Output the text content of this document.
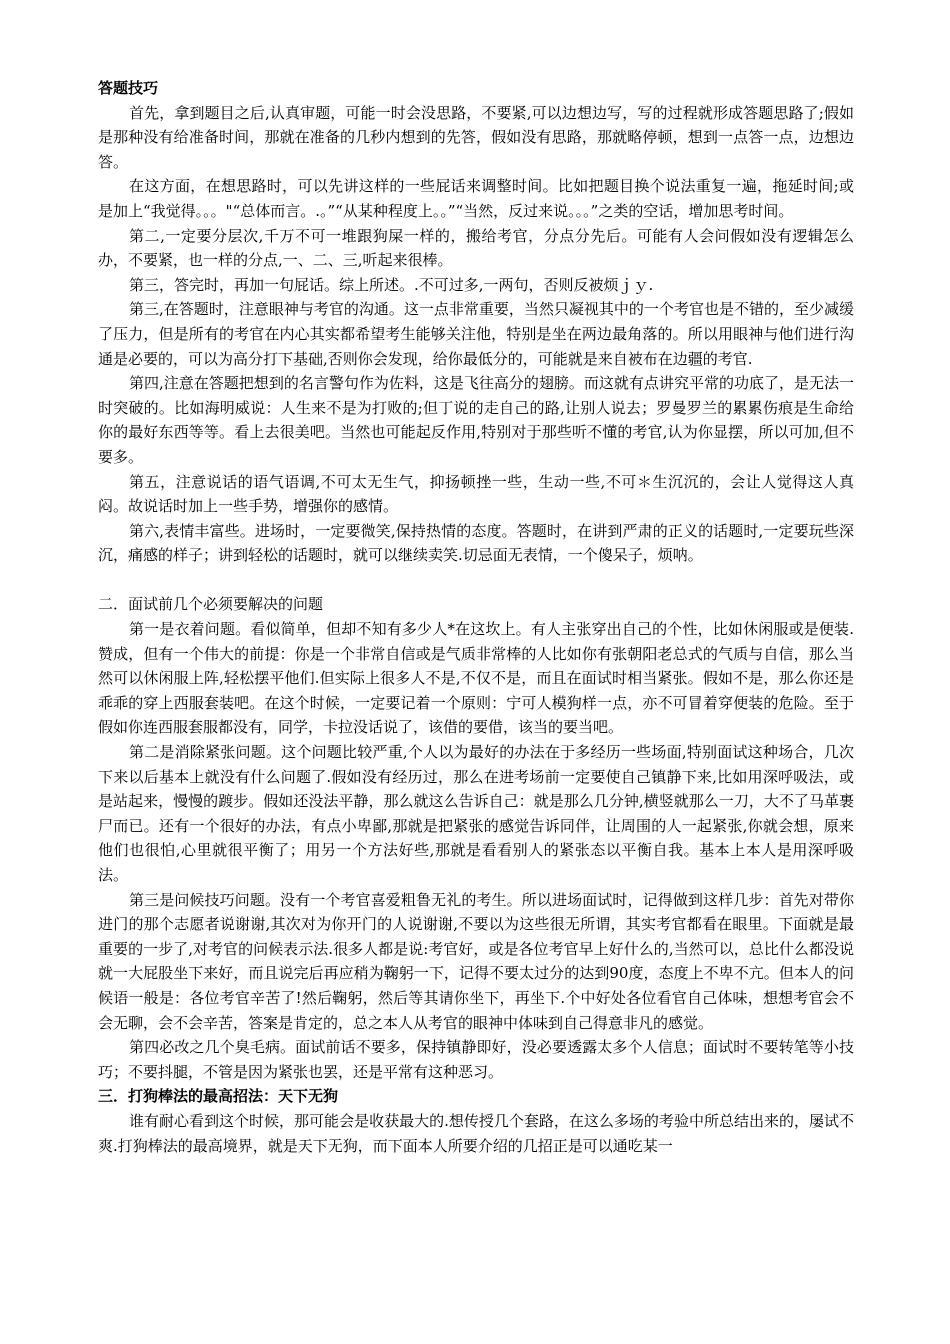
答题技巧

首先，拿到题目之后,认真审题，可能一时会没思路，不要紧,可以边想边写，写的过程就形成答题思路了;假如是那种没有给准备时间，那就在准备的几秒内想到的先答，假如没有思路，那就略停顿，想到一点答一点，边想边答。

在这方面，在想思路时，可以先讲这样的一些屁话来调整时间。比如把题目换个说法重复一遍，拖延时间;或是加上“我觉得。。。"“总体而言。.。”“从某种程度上。。”“当然，反过来说。。。”之类的空话，增加思考时间。

第二,一定要分层次,千万不可一堆跟狗屎一样的，搬给考官，分点分先后。可能有人会问假如没有逻辑怎么办，不要紧，也一样的分点,一、二、三,听起来很棒。

第三，答完时，再加一句屁话。综上所述。.不可过多,一两句，否则反被烦ｊｙ.

第三,在答题时，注意眼神与考官的沟通。这一点非常重要，当然只凝视其中的一个考官也是不错的，至少减缓了压力，但是所有的考官在内心其实都希望考生能够关注他，特别是坐在两边最角落的。所以用眼神与他们进行沟通是必要的，可以为高分打下基础,否则你会发现，给你最低分的，可能就是来自被布在边疆的考官.

第四,注意在答题把想到的名言警句作为佐料，这是飞往高分的翅膀。而这就有点讲究平常的功底了，是无法一时突破的。比如海明威说：人生来不是为打败的;但丁说的走自己的路,让别人说去；罗曼罗兰的累累伤痕是生命给你的最好东西等等。看上去很美吧。当然也可能起反作用,特别对于那些听不懂的考官,认为你显摆，所以可加,但不要多。

第五，注意说话的语气语调,不可太无生气，抑扬顿挫一些，生动一些,不可＊生沉沉的，会让人觉得这人真闷。故说话时加上一些手势，增强你的感情。

第六,表情丰富些。进场时，一定要微笑,保持热情的态度。答题时，在讲到严肃的正义的话题时,一定要玩些深沉，痛感的样子；讲到轻松的话题时，就可以继续卖笑.切忌面无表情，一个傻呆子，烦呐。

二．面试前几个必须要解决的问题

第一是衣着问题。看似简单，但却不知有多少人*在这坎上。有人主张穿出自己的个性，比如休闲服或是便装.赞成，但有一个伟大的前提：你是一个非常自信或是气质非常棒的人比如你有张朝阳老总式的气质与自信，那么当然可以休闲服上阵,轻松摆平他们.但实际上很多人不是,不仅不是，而且在面试时相当紧张。假如不是，那么你还是乖乖的穿上西服套装吧。在这个时候，一定要记着一个原则：宁可人模狗样一点，亦不可冒着穿便装的危险。至于假如你连西服套服都没有，同学，卡拉没话说了，该借的要借，该当的要当吧。

第二是消除紧张问题。这个问题比较严重,个人以为最好的办法在于多经历一些场面,特别面试这种场合，几次下来以后基本上就没有什么问题了.假如没有经历过，那么在进考场前一定要使自己镇静下来,比如用深呼吸法，或是站起来，慢慢的踱步。假如还没法平静，那么就这么告诉自己：就是那么几分钟,横竖就那么一刀，大不了马革裹尸而已。还有一个很好的办法，有点小卑鄙,那就是把紧张的感觉告诉同伴，让周围的人一起紧张,你就会想，原来他们也很怕,心里就很平衡了；用另一个方法好些,那就是看看别人的紧张态以平衡自我。基本上本人是用深呼吸法。

第三是问候技巧问题。没有一个考官喜爱粗鲁无礼的考生。所以进场面试时，记得做到这样几步：首先对带你进门的那个志愿者说谢谢,其次对为你开门的人说谢谢,不要以为这些很无所谓，其实考官都看在眼里。下面就是最重要的一步了,对考官的问候表示法.很多人都是说:考官好，或是各位考官早上好什么的,当然可以，总比什么都没说就一大屁股坐下来好，而且说完后再应稍为鞠躬一下，记得不要太过分的达到90度，态度上不卑不亢。但本人的问候语一般是：各位考官辛苦了!然后鞠躬，然后等其请你坐下，再坐下.个中好处各位看官自己体味，想想考官会不会无聊，会不会辛苦，答案是肯定的，总之本人从考官的眼神中体味到自己得意非凡的感觉。

第四必改之几个臭毛病。面试前话不要多，保持镇静即好，没必要透露太多个人信息；面试时不要转笔等小技巧；不要抖腿，不管是因为紧张也罢，还是平常有这种恶习。

三．打狗棒法的最高招法：天下无狗

谁有耐心看到这个时候，那可能会是收获最大的.想传授几个套路，在这么多场的考验中所总结出来的，屡试不爽.打狗棒法的最高境界，就是天下无狗，而下面本人所要介绍的几招正是可以通吃某一
